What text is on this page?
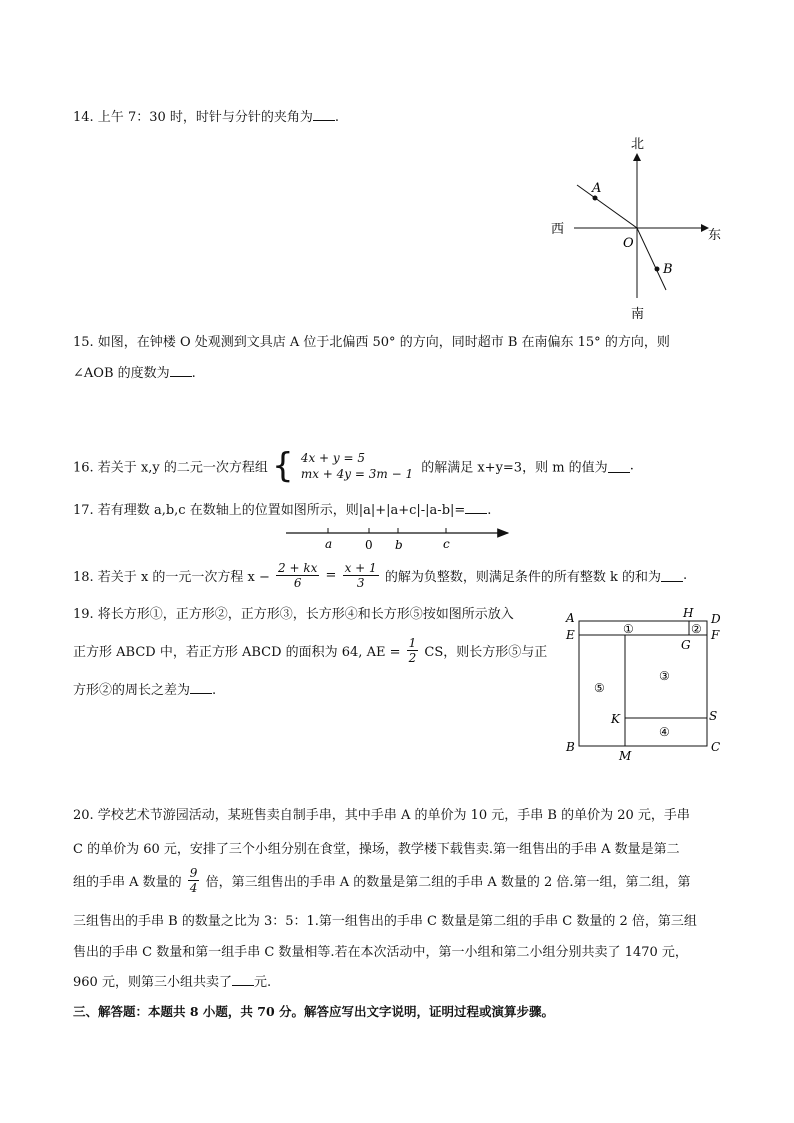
14. 上午 7：30 时，时针与分针的夹角为 .
北
南
西	东
O
A
B
15. 如图，在钟楼 O 处观测到文具店 A 位于北偏西 50° 的方向，同时超市 B 在南偏东 15° 的方向，则
∠AOB 的度数为 .
16. 若关于 x,y 的二元一次方程组 { 4x + y = 5
mx + 4y = 3m − 1 的解满足 x+y=3，则 m 的值为 .
17. 若有理数 a,b,c 在数轴上的位置如图所示，则|a|+|a+c|-|a-b|= .
a	0 b	c
18. 若关于 x 的一元一次方程 $x - \frac{2 + kx}{6} = \frac{x + 1}{3}$ 的解为负整数，则满足条件的所有整数 k 的和为 .
19. 将长方形①，正方形②，正方形③，长方形④和长方形⑤按如图所示放入
正方形 ABCD 中，若正方形 ABCD 的面积为 64, AE = $\frac{1}{2}$ CS，则长方形⑤与正
方形②的周长之差为 .
A
E
B
H D
F
G
K	S
C
M
①	②
③
④
⑤
20. 学校艺术节游园活动，某班售卖自制手串，其中手串 A 的单价为 10 元，手串 B 的单价为 20 元，手串
C 的单价为 60 元，安排了三个小组分别在食堂，操场，教学楼下载售卖.第一组售出的手串 A 数量是第二
组的手串 A 数量的 $\frac{9}{4}$ 倍，第三组售出的手串 A 的数量是第二组的手串 A 数量的 2 倍.第一组，第二组，第
三组售出的手串 B 的数量之比为 3：5：1.第一组售出的手串 C 数量是第二组的手串 C 数量的 2 倍，第三组
售出的手串 C 数量和第一组手串 C 数量相等.若在本次活动中，第一小组和第二小组分别共卖了 1470 元，
960 元，则第三小组共卖了 元.
三、解答题：本题共 8 小题，共 70 分。解答应写出文字说明，证明过程或演算步骤。
